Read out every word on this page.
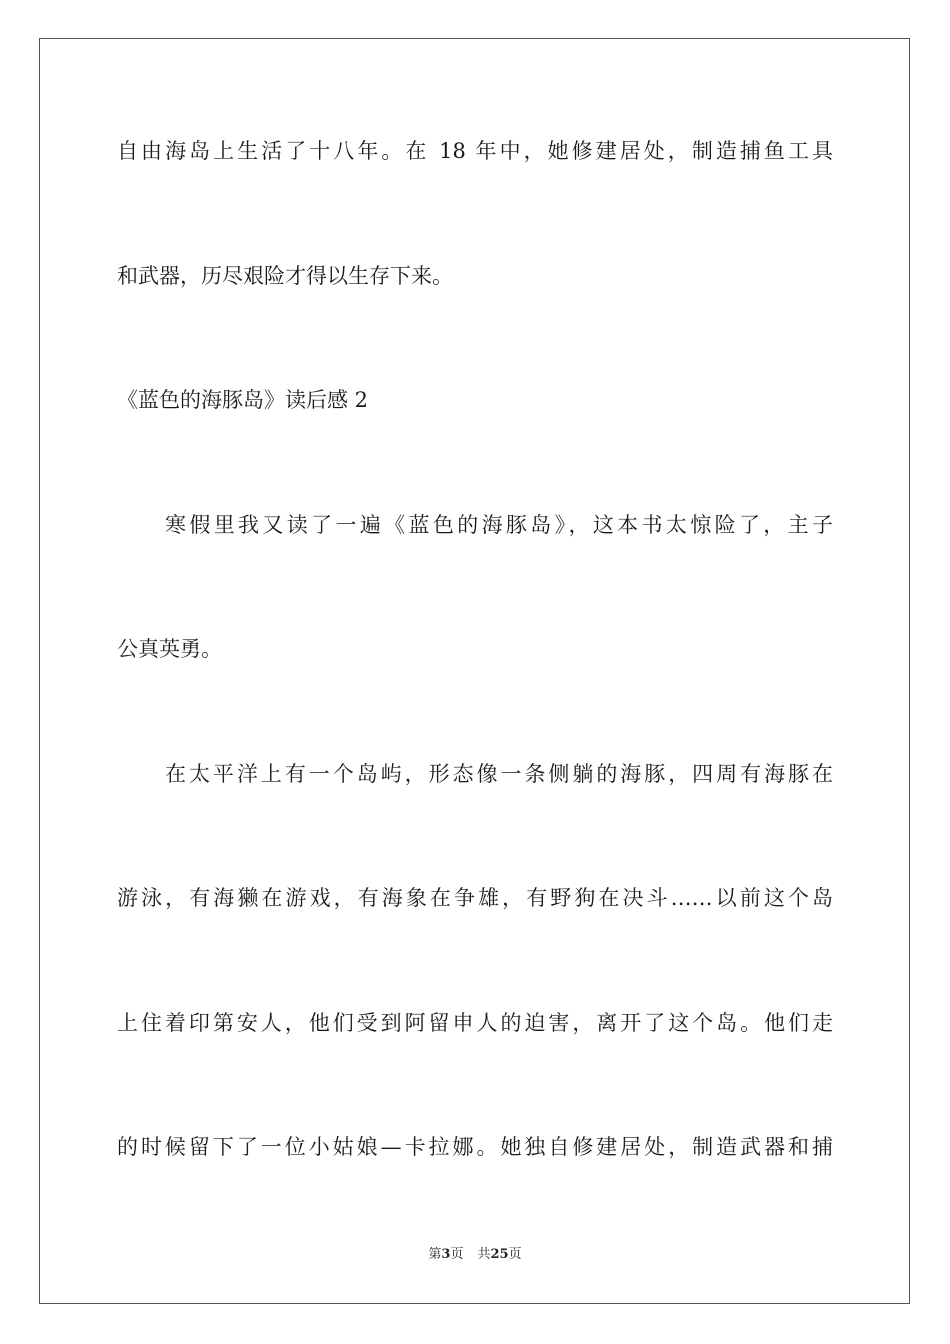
自由海岛上生活了十八年。在 18 年中，她修建居处，制造捕鱼工具
和武器，历尽艰险才得以生存下来。
《蓝色的海豚岛》读后感 2
寒假里我又读了一遍《蓝色的海豚岛》，这本书太惊险了，主子
公真英勇。
在太平洋上有一个岛屿，形态像一条侧躺的海豚，四周有海豚在
游泳，有海獭在游戏，有海象在争雄，有野狗在决斗……以前这个岛
上住着印第安人，他们受到阿留申人的迫害，离开了这个岛。他们走
的时候留下了一位小姑娘—卡拉娜。她独自修建居处，制造武器和捕
第3页 共25页
